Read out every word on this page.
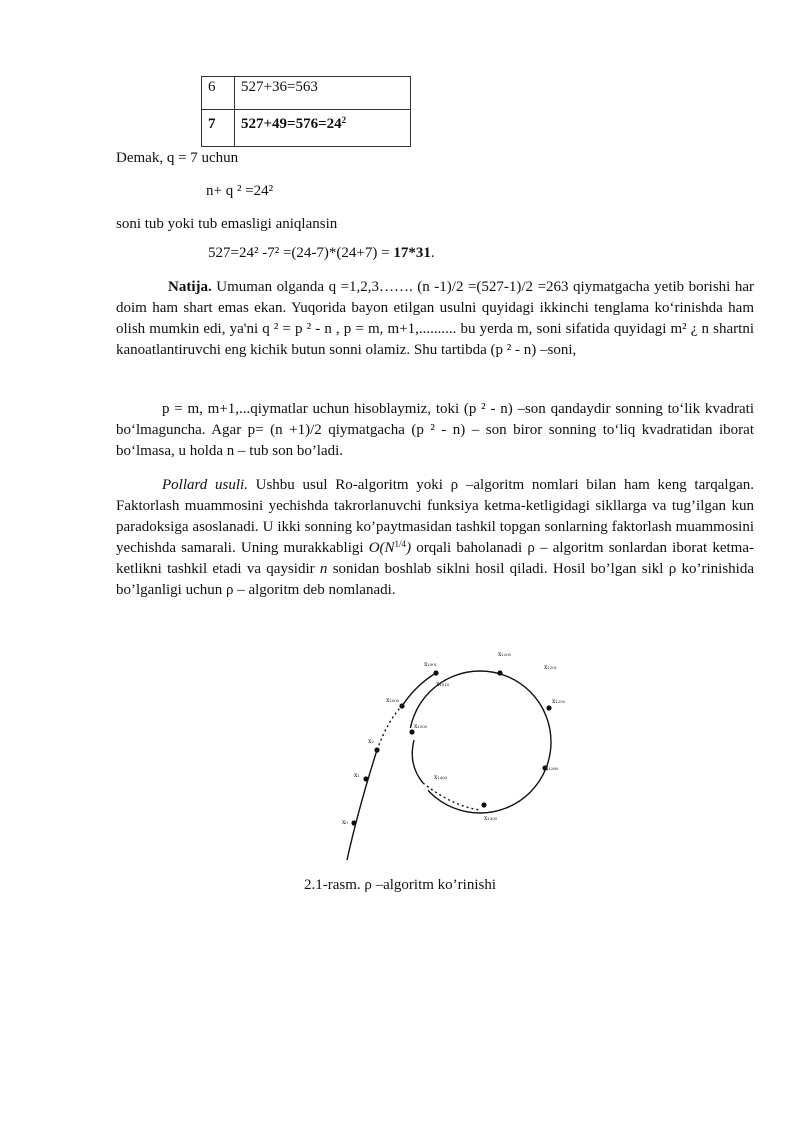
6	527+36=563
7	$527+49=576=24^2$
Demak, q = 7 uchun
n+ q ² =24²
soni tub yoki tub emasligi aniqlansin
527=24² -7² =(24-7)*(24+7) = 17*31.
Natija. Umuman olganda q =1,2,3……. (n -1)/2 =(527-1)/2 =263 qiymatgacha yetib borishi har doim ham shart emas ekan. Yuqorida bayon etilgan usulni quyidagi ikkinchi tenglama ko‘rinishda ham olish mumkin edi, ya'ni q ² = p ² - n , p = m, m+1,.......... bu yerda m, soni sifatida quyidagi m² ¿ n shartni kanoatlantiruvchi eng kichik butun sonni olamiz. Shu tartibda (p ² - n) –soni,
p = m, m+1,...qiymatlar uchun hisoblaymiz, toki (p ² - n) –son qandaydir sonning to‘lik kvadrati bo‘lmaguncha. Agar p= (n +1)/2 qiymatgacha (p ² - n) – son biror sonning to‘liq kvadratidan iborat bo‘lmasa, u holda n – tub son bo’ladi.
Pollard usuli. Ushbu usul Ro-algoritm yoki ρ –algoritm nomlari bilan ham keng tarqalgan. Faktorlash muammosini yechishda takrorlanuvchi funksiya ketma-ketligidagi sikllarga va tug’ilgan kun paradoksiga asoslanadi. U ikki sonning ko’paytmasidan tashkil topgan sonlarning faktorlash muammosini yechishda samarali. Uning murakkabligi $O(N^{1/4})$ orqali baholanadi ρ – algoritm sonlardan iborat ketma-ketlikni tashkil etadi va qaysidir n sonidan boshlab siklni hosil qiladi. Hosil bo’lgan sikl ρ ko’rinishida bo’lganligi uchun ρ – algoritm deb nomlanadi.
x₀
x₁
x₂
x₁₀₀₀
x₁₀₀₁
x₁₀₁₀
x₁₂₀₀
x₁₂₀₁
x₁₂₅₀
x₁₂₈₀
x₁₃₀₀
x₁₄₀₀
x₁₅₀₀
2.1-rasm. ρ –algoritm ko’rinishi
